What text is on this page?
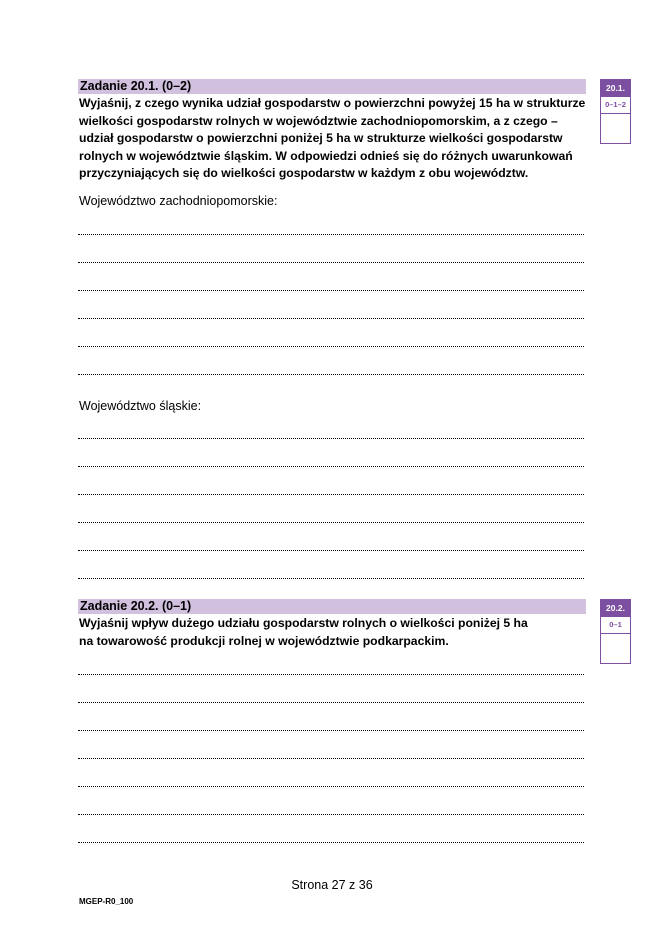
Zadanie 20.1. (0–2)	20.1.
0–1–2
Wyjaśnij, z czego wynika udział gospodarstw o powierzchni powyżej 15 ha w strukturze
wielkości gospodarstw rolnych w województwie zachodniopomorskim, a z czego –
udział gospodarstw o powierzchni poniżej 5 ha w strukturze wielkości gospodarstw
rolnych w województwie śląskim. W odpowiedzi odnieś się do różnych uwarunkowań
przyczyniających się do wielkości gospodarstw w każdym z obu województw.
Województwo zachodniopomorskie:
Województwo śląskie:
Zadanie 20.2. (0–1)	20.2.
0–1
Wyjaśnij wpływ dużego udziału gospodarstw rolnych o wielkości poniżej 5 ha
na towarowość produkcji rolnej w województwie podkarpackim.
Strona 27 z 36
MGEP-R0_100
